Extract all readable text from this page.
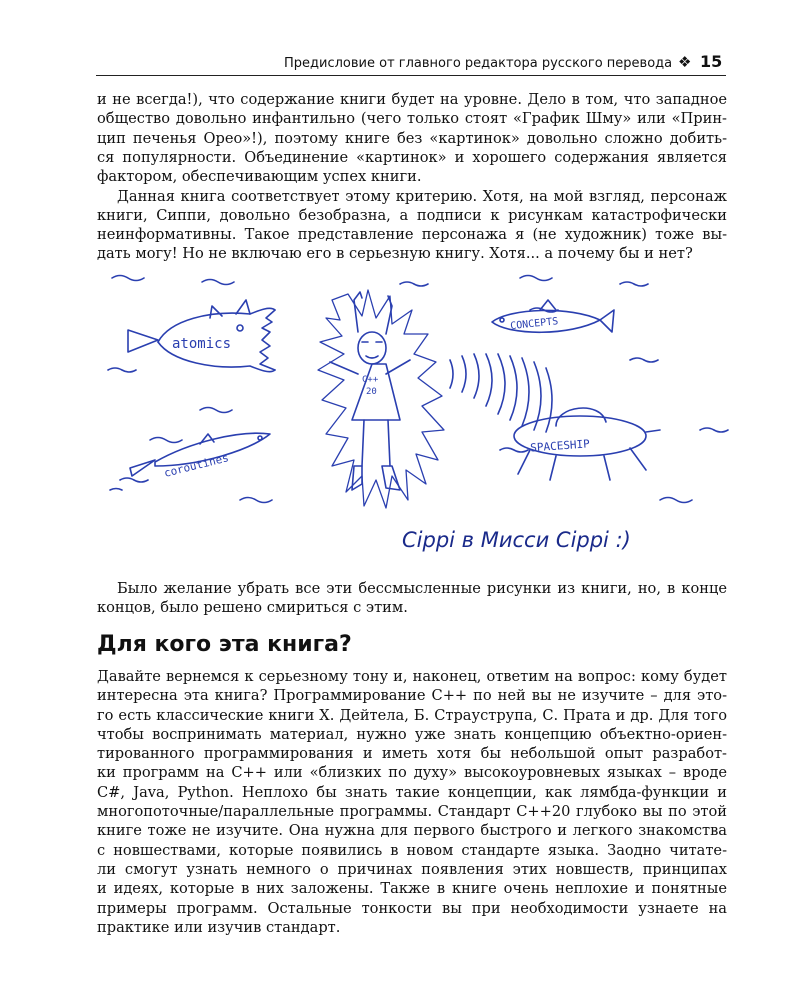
Предисловие от главного редактора русского перевода ❖ 15

и не всегда!), что содержание книги будет на уровне. Дело в том, что западное
общество довольно инфантильно (чего только стоят «График Шму» или «Прин-
цип печенья Орео»!), поэтому книге без «картинок» довольно сложно добить-
ся популярности. Объединение «картинок» и хорошего содержания является
фактором, обеспечивающим успех книги.

Данная книга соответствует этому критерию. Хотя, на мой взгляд, персонаж
книги, Сиппи, довольно безобразна, а подписи к рисункам катастрофически
неинформативны. Такое представление персонажа я (не художник) тоже вы-
дать могу! Но не включаю его в серьезную книгу. Хотя... а почему бы и нет?

atomics
CONCEPTS
coroutines
C++
20
SPACESHIP
Cippi в Миccи Cippi :)

Было желание убрать все эти бессмысленные рисунки из книги, но, в конце
концов, было решено смириться с этим.

Для кого эта книга?

Давайте вернемся к серьезному тону и, наконец, ответим на вопрос: кому будет
интересна эта книга? Программирование С++ по ней вы не изучите – для это-
го есть классические книги Х. Дейтела, Б. Страуструпа, С. Прата и др. Для того
чтобы воспринимать материал, нужно уже знать концепцию объектно-ориен-
тированного программирования и иметь хотя бы небольшой опыт разработ-
ки программ на С++ или «близких по духу» высокоуровневых языках – вроде
C#, Java, Python. Неплохо бы знать такие концепции, как лямбда-функции и
многопоточные/параллельные программы. Стандарт С++20 глубоко вы по этой
книге тоже не изучите. Она нужна для первого быстрого и легкого знакомства
с новшествами, которые появились в новом стандарте языка. Заодно читате-
ли смогут узнать немного о причинах появления этих новшеств, принципах
и идеях, которые в них заложены. Также в книге очень неплохие и понятные
примеры программ. Остальные тонкости вы при необходимости узнаете на
практике или изучив стандарт.
